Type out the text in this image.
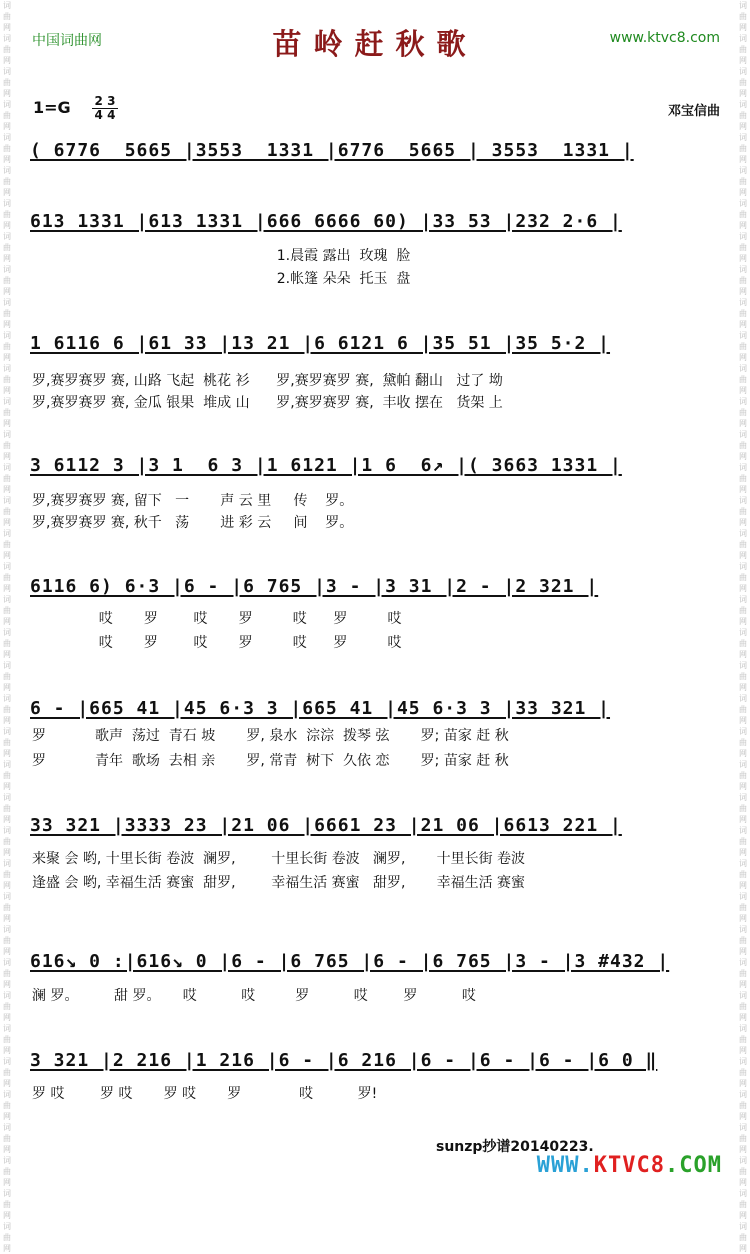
词曲网词曲网词曲网词曲网词曲网词曲网词曲网词曲网词曲网词曲网词曲网词曲网词曲网词曲网词曲网词曲网词曲网词曲网词曲网词曲网词曲网词曲网词曲网词曲网词曲网词曲网词曲网词曲网词曲网词曲网词曲网词曲网词曲网词曲网词曲网词曲网词曲网词曲网
词曲网词曲网词曲网词曲网词曲网词曲网词曲网词曲网词曲网词曲网词曲网词曲网词曲网词曲网词曲网词曲网词曲网词曲网词曲网词曲网词曲网词曲网词曲网词曲网词曲网词曲网词曲网词曲网词曲网词曲网词曲网词曲网词曲网词曲网词曲网词曲网词曲网词曲网
中国词曲网	苗岭赶秋歌	www.ktvc8.com
1=G 2 3
4 4	邓宝信曲
( 6776  5665 |3553  1331 |6776  5665 | 3553  1331 |
613 1331 |613 1331 |666 6666 60) |33 53 |232 2·6 |
1.晨霞 露出  玫瑰  脸
2.帐篷 朵朵  托玉  盘
1 6116 6 |61 33 |13 21 |6 6121 6 |35 51 |35 5·2 |
罗,赛罗赛罗 赛, 山路 飞起  桃花 衫      罗,赛罗赛罗 赛,  黛帕 翻山   过了 坳
罗,赛罗赛罗 赛, 金瓜 银果  堆成 山      罗,赛罗赛罗 赛,  丰收 摆在   货架 上
3 6112 3 |3 1  6 3 |1 6121 |1 6  6↗ |( 3663 1331 |
罗,赛罗赛罗 赛, 留下   一       声 云 里     传    罗。
罗,赛罗赛罗 赛, 秋千   荡       进 彩 云     间    罗。
6116 6) 6·3 |6 - |6 765 |3 - |3 31 |2 - |2 321 |
哎       罗        哎       罗         哎      罗         哎
哎       罗        哎       罗         哎      罗         哎
6 - |665 41 |45 6·3 3 |665 41 |45 6·3 3 |33 321 |
罗           歌声  荡过  青石 坡       罗, 泉水  淙淙  拨琴 弦       罗; 苗家 赶 秋
罗           青年  歌场  去相 亲       罗, 常青  树下  久依 恋       罗; 苗家 赶 秋
33 321 |3333 23 |21 06 |6661 23 |21 06 |6613 221 |
来聚 会 哟, 十里长街 卷波  澜罗,        十里长街 卷波   澜罗,       十里长街 卷波
逢盛 会 哟, 幸福生活 赛蜜  甜罗,        幸福生活 赛蜜   甜罗,       幸福生活 赛蜜
616↘ 0 :|616↘ 0 |6 - |6 765 |6 - |6 765 |3 - |3 #432 |
澜 罗。        甜 罗。     哎          哎         罗          哎        罗          哎
3 321 |2 216 |1 216 |6 - |6 216 |6 - |6 - |6 - |6 0 ‖
罗 哎        罗 哎       罗 哎       罗             哎          罗!
sunzp抄谱20140223.
WWW.KTVC8.COM
